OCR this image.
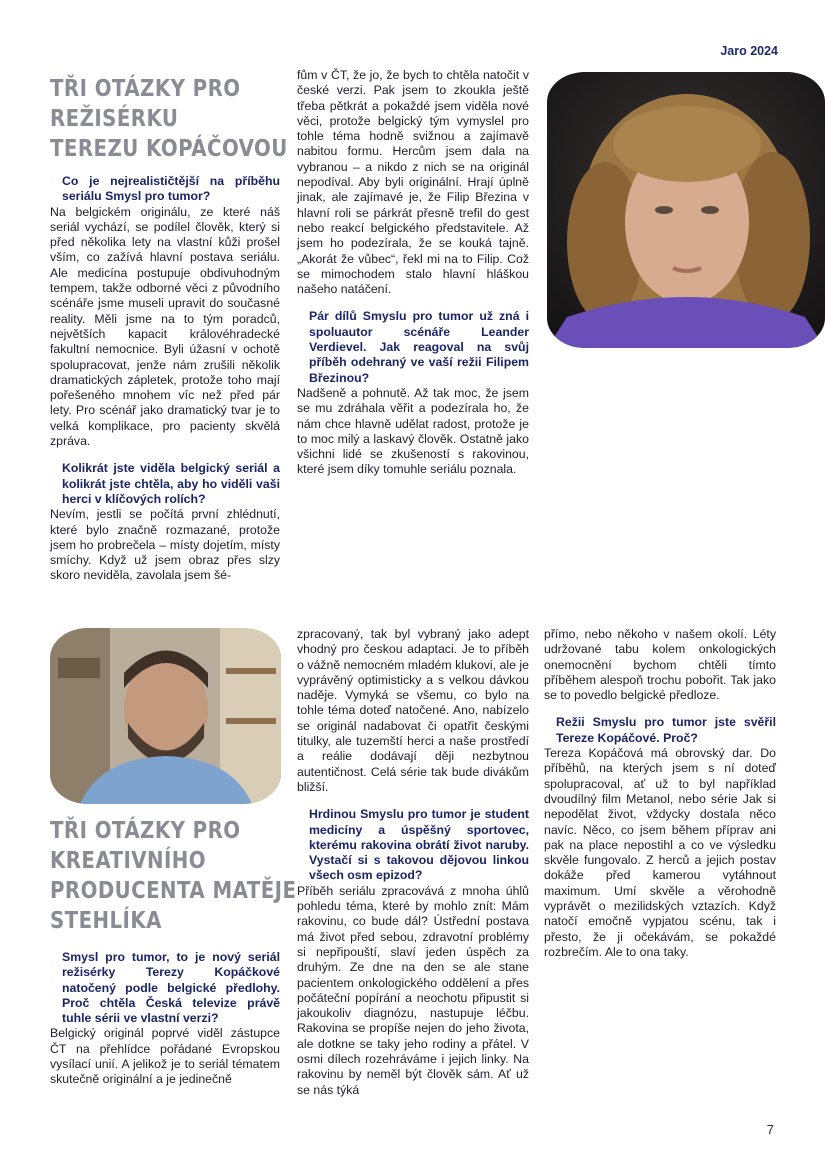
Jaro 2024
TŘI OTÁZKY PRO
REŽISÉRKU
TEREZU KOPÁČOVOU

Co je nejrealističtější na příběhu seriálu Smysl pro tumor?

Na belgickém originálu, ze které náš seriál vychází, se podílel člověk, který si před několika lety na vlastní kůži prošel vším, co zažívá hlavní postava seriálu. Ale medicína postupuje obdivuhodným tempem, takže odborné věci z původního scénáře jsme museli upravit do současné reality. Měli jsme na to tým poradců, největších kapacit královéhradecké fakultní nemocnice. Byli úžasní v ochotě spolupracovat, jenže nám zrušili několik dramatických zápletek, protože toho mají pořešeného mnohem víc než před pár lety. Pro scénář jako dramatický tvar je to velká komplikace, pro pacienty skvělá zpráva.

Kolikrát jste viděla belgický seriál a kolikrát jste chtěla, aby ho viděli vaši herci v klíčových rolích?

Nevím, jestli se počítá první zhlédnutí, které bylo značně rozmazané, protože jsem ho probrečela – místy dojetím, místy smíchy. Když už jsem obraz přes slzy skoro neviděla, zavolala jsem šé-

fům v ČT, že jo, že bych to chtěla natočit v české verzi. Pak jsem to zkoukla ještě třeba pětkrát a pokaždé jsem viděla nové věci, protože belgický tým vymyslel pro tohle téma hodně svižnou a zajímavě nabitou formu. Hercům jsem dala na vybranou – a nikdo z nich se na originál nepodíval. Aby byli originální. Hrají úplně jinak, ale zajímavé je, že Filip Březina v hlavní roli se párkrát přesně trefil do gest nebo reakcí belgického představitele. Až jsem ho podezírala, že se kouká tajně. „Akorát že vůbec“, řekl mi na to Filip. Což se mimochodem stalo hlavní hláškou našeho natáčení.

Pár dílů Smyslu pro tumor už zná i spoluautor scénáře Leander Verdievel. Jak reagoval na svůj příběh odehraný ve vaší režii Filipem Březinou?

Nadšeně a pohnutě. Až tak moc, že jsem se mu zdráhala věřit a podezírala ho, že nám chce hlavně udělat radost, protože je to moc milý a laskavý člověk. Ostatně jako všichni lidé se zkušeností s rakovinou, které jsem díky tomuhle seriálu poznala.

TŘI OTÁZKY PRO
KREATIVNÍHO
PRODUCENTA MATĚJE
STEHLÍKA

Smysl pro tumor, to je nový seriál režisérky Terezy Kopáčkové natočený podle belgické předlohy. Proč chtěla Česká televize právě tuhle sérii ve vlastní verzi?

Belgický originál poprvé viděl zástupce ČT na přehlídce pořádané Evropskou vysílací unií. A jelikož je to seriál tématem skutečně originální a je jedinečně

zpracovaný, tak byl vybraný jako adept vhodný pro českou adaptaci. Je to příběh o vážně nemocném mladém klukovi, ale je vyprávěný optimisticky a s velkou dávkou naděje. Vymyká se všemu, co bylo na tohle téma doteď natočené. Ano, nabízelo se originál nadabovat či opatřit českými titulky, ale tuzemští herci a naše prostředí a reálie dodávají ději nezbytnou autentičnost. Celá série tak bude divákům bližší.

Hrdinou Smyslu pro tumor je student medicíny a úspěšný sportovec, kterému rakovina obrátí život naruby. Vystačí si s takovou dějovou linkou všech osm epizod?

Příběh seriálu zpracovává z mnoha úhlů pohledu téma, které by mohlo znít: Mám rakovinu, co bude dál? Ústřední postava má život před sebou, zdravotní problémy si nepřipouští, slaví jeden úspěch za druhým. Ze dne na den se ale stane pacientem onkologického oddělení a přes počáteční popírání a neochotu připustit si jakoukoliv diagnózu, nastupuje léčbu. Rakovina se propíše nejen do jeho života, ale dotkne se taky jeho rodiny a přátel. V osmi dílech rozehráváme i jejich linky. Na rakovinu by neměl být člověk sám. Ať už se nás týká

přímo, nebo někoho v našem okolí. Léty udržované tabu kolem onkologických onemocnění bychom chtěli tímto příběhem alespoň trochu pobořit. Tak jako se to povedlo belgické předloze.

Režii Smyslu pro tumor jste svěřil Tereze Kopáčové. Proč?

Tereza Kopáčová má obrovský dar. Do příběhů, na kterých jsem s ní doteď spolupracoval, ať už to byl například dvoudílný film Metanol, nebo série Jak si nepodělat život, vždycky dostala něco navíc. Něco, co jsem během příprav ani pak na place nepostihl a co ve výsledku skvěle fungovalo. Z herců a jejich postav dokáže před kamerou vytáhnout maximum. Umí skvěle a věrohodně vyprávět o mezilidských vztazích. Když natočí emočně vypjatou scénu, tak i přesto, že ji očekávám, se pokaždé rozbrečím. Ale to ona taky.

7
